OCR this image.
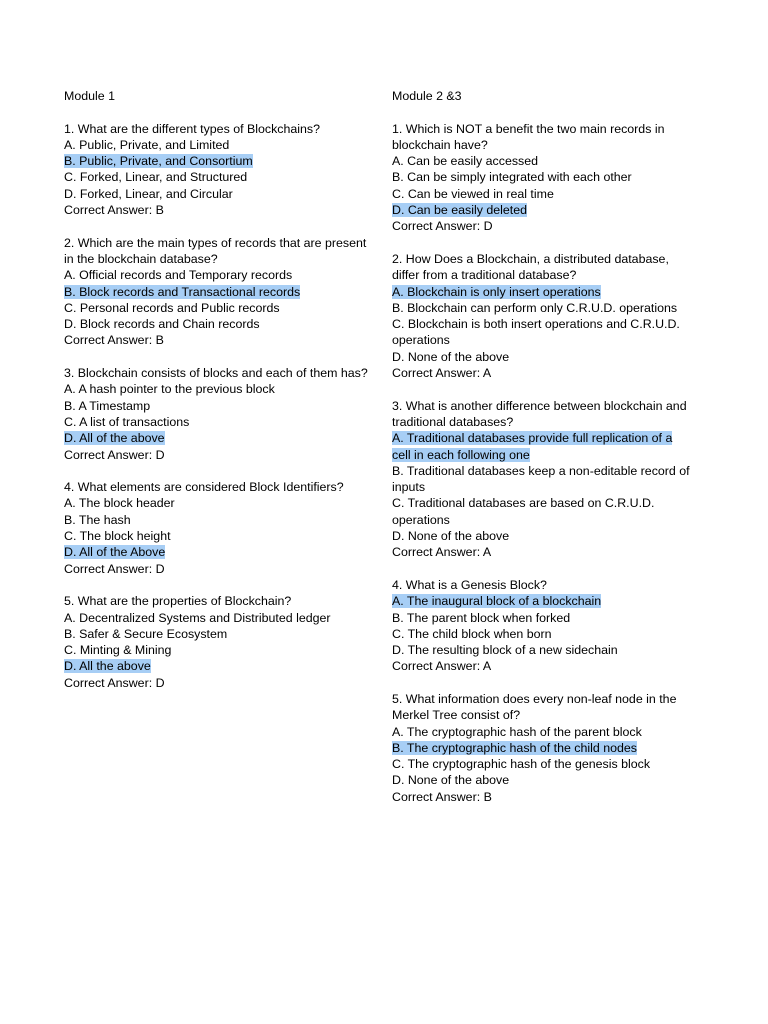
Module 1

1. What are the different types of Blockchains?

A. Public, Private, and Limited
B. Public, Private, and Consortium
C. Forked, Linear, and Structured
D. Forked, Linear, and Circular
Correct Answer: B

2. Which are the main types of records that are present in the blockchain database?

A. Official records and Temporary records
B. Block records and Transactional records
C. Personal records and Public records
D. Block records and Chain records
Correct Answer: B

3. Blockchain consists of blocks and each of them has?

A. A hash pointer to the previous block
B. A Timestamp
C. A list of transactions
D. All of the above
Correct Answer: D

4. What elements are considered Block Identifiers?

A. The block header
B. The hash
C. The block height
D. All of the Above
Correct Answer: D

5. What are the properties of Blockchain?

A. Decentralized Systems and Distributed ledger
B. Safer & Secure Ecosystem
C. Minting & Mining
D. All the above
Correct Answer: D
Module 2 &3

1. Which is NOT a benefit the two main records in blockchain have?

A. Can be easily accessed
B. Can be simply integrated with each other
C. Can be viewed in real time
D. Can be easily deleted
Correct Answer: D

2. How Does a Blockchain, a distributed database, differ from a traditional database?

A. Blockchain is only insert operations
B. Blockchain can perform only C.R.U.D. operations
C. Blockchain is both insert operations and C.R.U.D. operations
D. None of the above
Correct Answer: A

3. What is another difference between blockchain and traditional databases?

A. Traditional databases provide full replication of a cell in each following one
B. Traditional databases keep a non-editable record of inputs
C. Traditional databases are based on C.R.U.D. operations
D. None of the above
Correct Answer: A

4. What is a Genesis Block?

A. The inaugural block of a blockchain
B. The parent block when forked
C. The child block when born
D. The resulting block of a new sidechain
Correct Answer: A

5. What information does every non-leaf node in the Merkel Tree consist of?

A. The cryptographic hash of the parent block
B. The cryptographic hash of the child nodes
C. The cryptographic hash of the genesis block
D. None of the above
Correct Answer: B
